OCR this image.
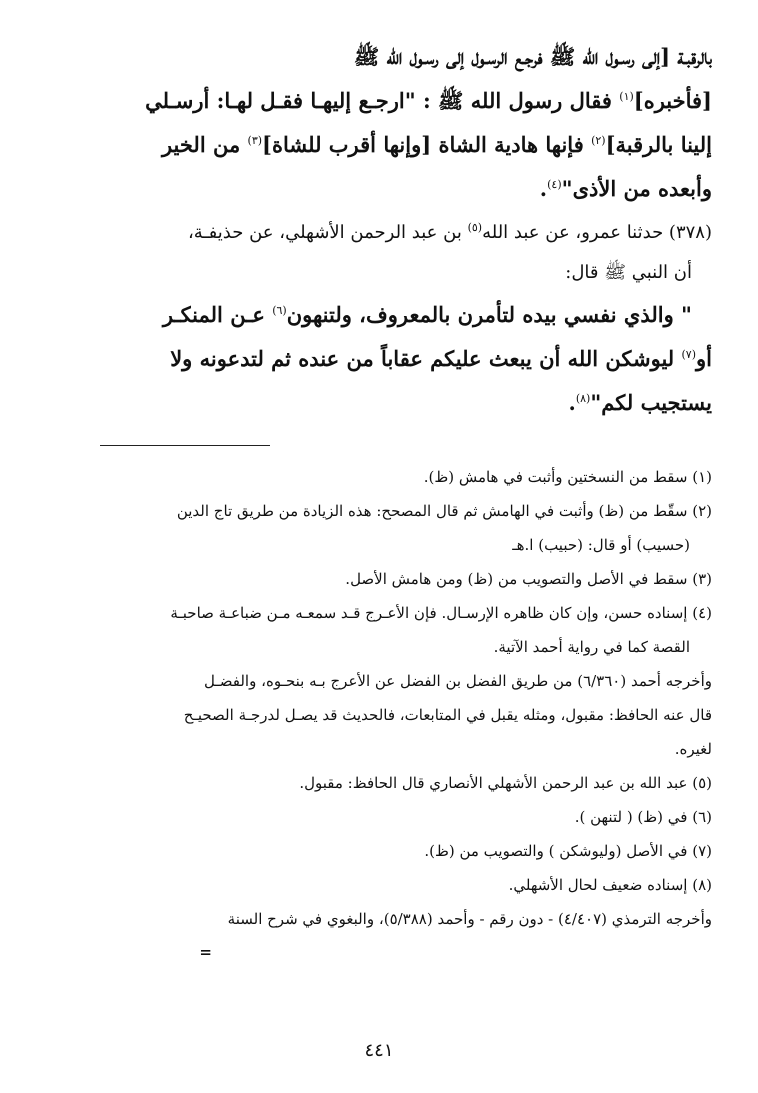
بالرقبـة [إلى رسـول الله ﷺ فرجـع الرسـول إلى رسـول الله ﷺ

[فأخبره]$^{(١)}$ فقال رسول الله ﷺ : "ارجـع إليهـا فقـل لهـا: أرسـلي

إلينا بالرقبة]$^{(٢)}$ فإنها هادية الشاة [وإنها أقرب للشاة]$^{(٣)}$ من الخير

وأبعده من الأذى"$^{(٤)}$.

(٣٧٨) حدثنا عمرو، عن عبد الله$^{(٥)}$ بن عبد الرحمن الأشهلي، عن حذيفـة،

أن النبي ﷺ قال:

" والذي نفسي بيده لتأمرن بالمعروف، ولتنهون$^{(٦)}$ عـن المنكـر

أو$^{(٧)}$ ليوشكن الله أن يبعث عليكم عقاباً من عنده ثم لتدعونه ولا

يستجيب لكم"$^{(٨)}$.

(١) سقط من النسختين وأثبت في هامش (ظ).

(٢) سقّط من (ظ) وأثبت في الهامش ثم قال المصحح: هذه الزيادة من طريق تاج الدين

(حسيب) أو قال: (حبيب) ا.هـ

(٣) سقط في الأصل والتصويب من (ظ) ومن هامش الأصل.

(٤) إسناده حسن، وإن كان ظاهره الإرسـال. فإن الأعـرج قـد سمعـه مـن ضباعـة صاحبـة

القصة كما في رواية أحمد الآتية.

وأخرجه أحمد (٦/٣٦٠) من طريق الفضل بن الفضل عن الأعرج بـه بنحـوه، والفضـل

قال عنه الحافظ: مقبول، ومثله يقبل في المتابعات، فالحديث قد يصـل لدرجـة الصحيـح

لغيره.

(٥) عبد الله بن عبد الرحمن الأشهلي الأنصاري قال الحافظ: مقبول.

(٦) في (ظ) ( لتنهن ).

(٧) في الأصل (وليوشكن ) والتصويب من (ظ).

(٨) إسناده ضعيف لحال الأشهلي.

وأخرجه الترمذي (٤/٤٠٧) - دون رقم - وأحمد (٥/٣٨٨)، والبغوي في شرح السنة

=

٤٤١
